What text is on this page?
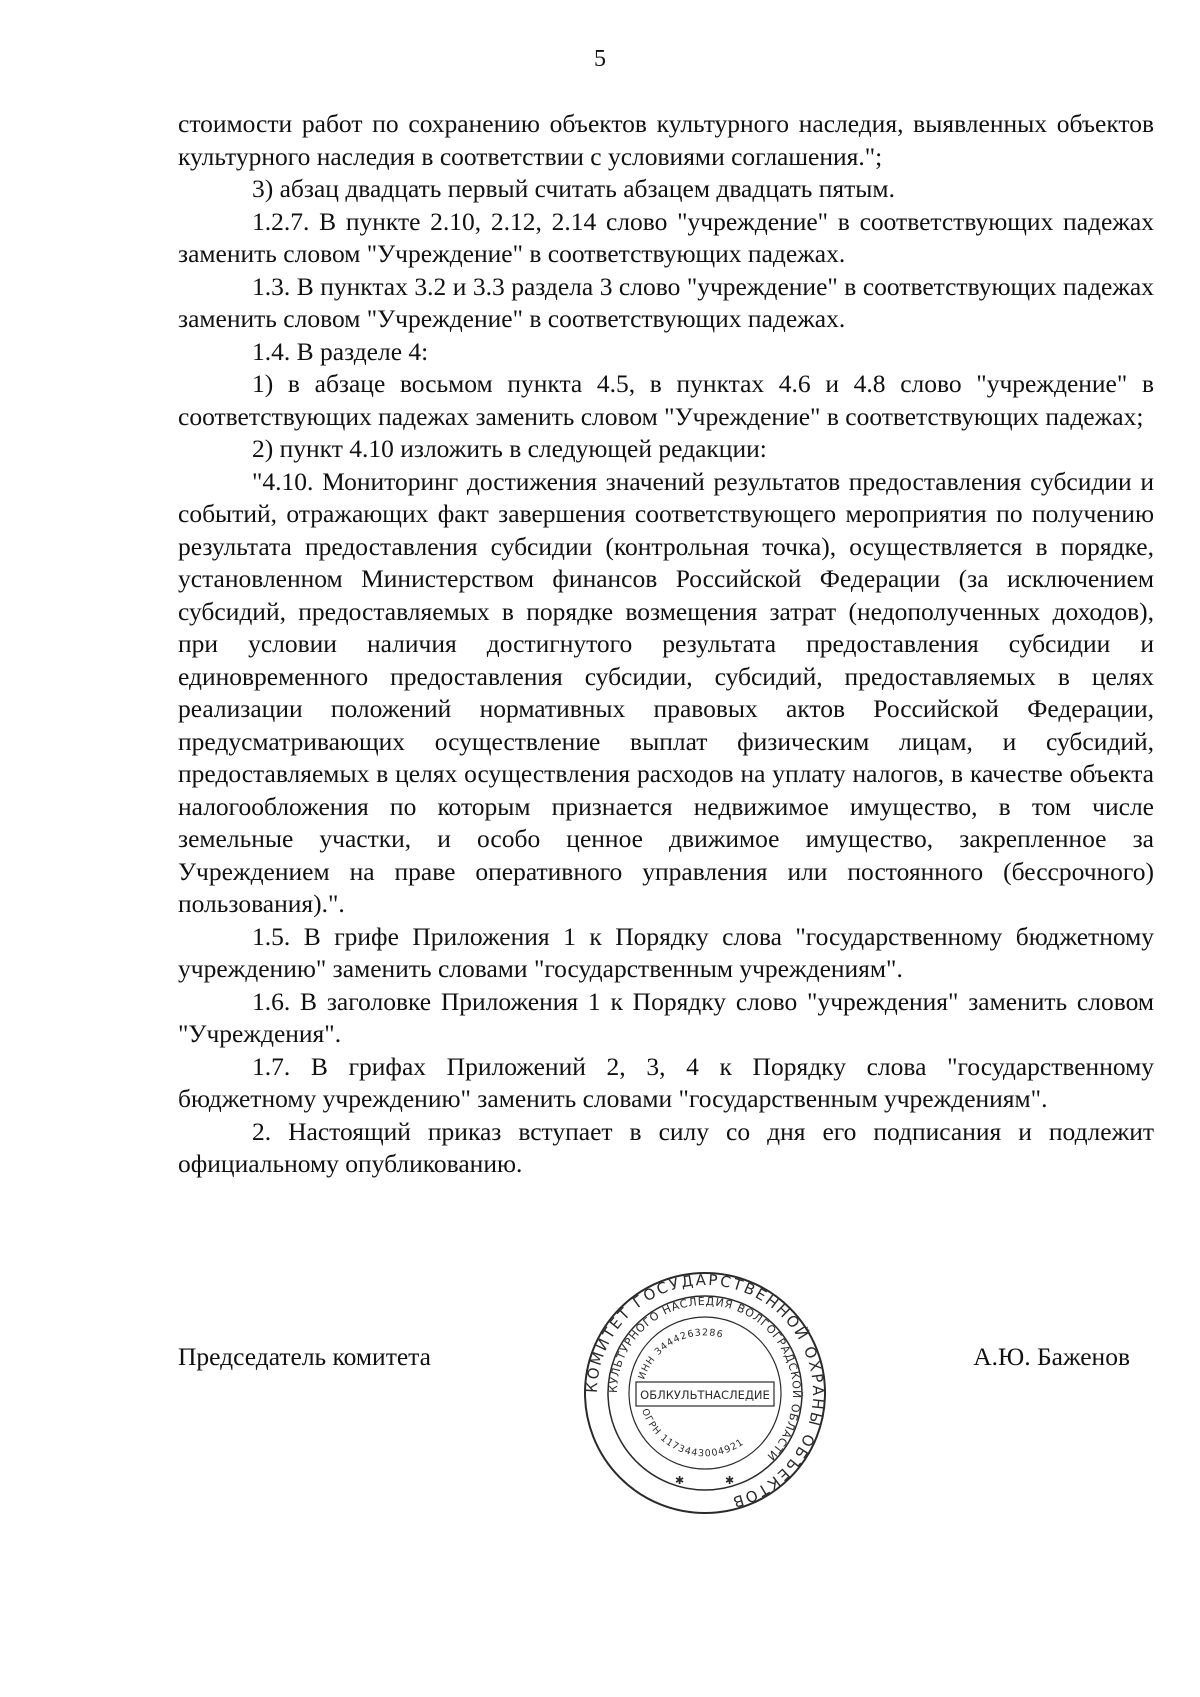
5

стоимости работ по сохранению объектов культурного наследия, выявленных объектов культурного наследия в соответствии с условиями соглашения.";

3) абзац двадцать первый считать абзацем двадцать пятым.

1.2.7. В пункте 2.10, 2.12, 2.14 слово "учреждение" в соответствующих падежах заменить словом "Учреждение" в соответствующих падежах.

1.3. В пунктах 3.2 и 3.3 раздела 3 слово "учреждение" в соответствующих падежах заменить словом "Учреждение" в соответствующих падежах.

1.4. В разделе 4:

1) в абзаце восьмом пункта 4.5, в пунктах 4.6 и 4.8 слово "учреждение" в соответствующих падежах заменить словом "Учреждение" в соответствующих падежах;

2) пункт 4.10 изложить в следующей редакции:

"4.10. Мониторинг достижения значений результатов предоставления субсидии и событий, отражающих факт завершения соответствующего мероприятия по получению результата предоставления субсидии (контрольная точка), осуществляется в порядке, установленном Министерством финансов Российской Федерации (за исключением субсидий, предоставляемых в порядке возмещения затрат (недополученных доходов), при условии наличия достигнутого результата предоставления субсидии и единовременного предоставления субсидии, субсидий, предоставляемых в целях реализации положений нормативных правовых актов Российской Федерации, предусматривающих осуществление выплат физическим лицам, и субсидий, предоставляемых в целях осуществления расходов на уплату налогов, в качестве объекта налогообложения по которым признается недвижимое имущество, в том числе земельные участки, и особо ценное движимое имущество, закрепленное за Учреждением на праве оперативного управления или постоянного (бессрочного) пользования).".

1.5. В грифе Приложения 1 к Порядку слова "государственному бюджетному учреждению" заменить словами "государственным учреждениям".

1.6. В заголовке Приложения 1 к Порядку слово "учреждения" заменить словом "Учреждения".

1.7. В грифах Приложений 2, 3, 4 к Порядку слова "государственному бюджетному учреждению" заменить словами "государственным учреждениям".

2. Настоящий приказ вступает в силу со дня его подписания и подлежит официальному опубликованию.

Председатель комитета	А.Ю. Баженов
КОМИТЕТ ГОСУДАРСТВЕННОЙ ОХРАНЫ ОБЪЕКТОВ
КУЛЬТУРНОГО НАСЛЕДИЯ ВОЛГОГРАДСКОЙ ОБЛАСТИ
ИНН 3444263286
ОГРН 1173443004921
ОБЛКУЛЬТНАСЛЕДИЕ
✱	✱
